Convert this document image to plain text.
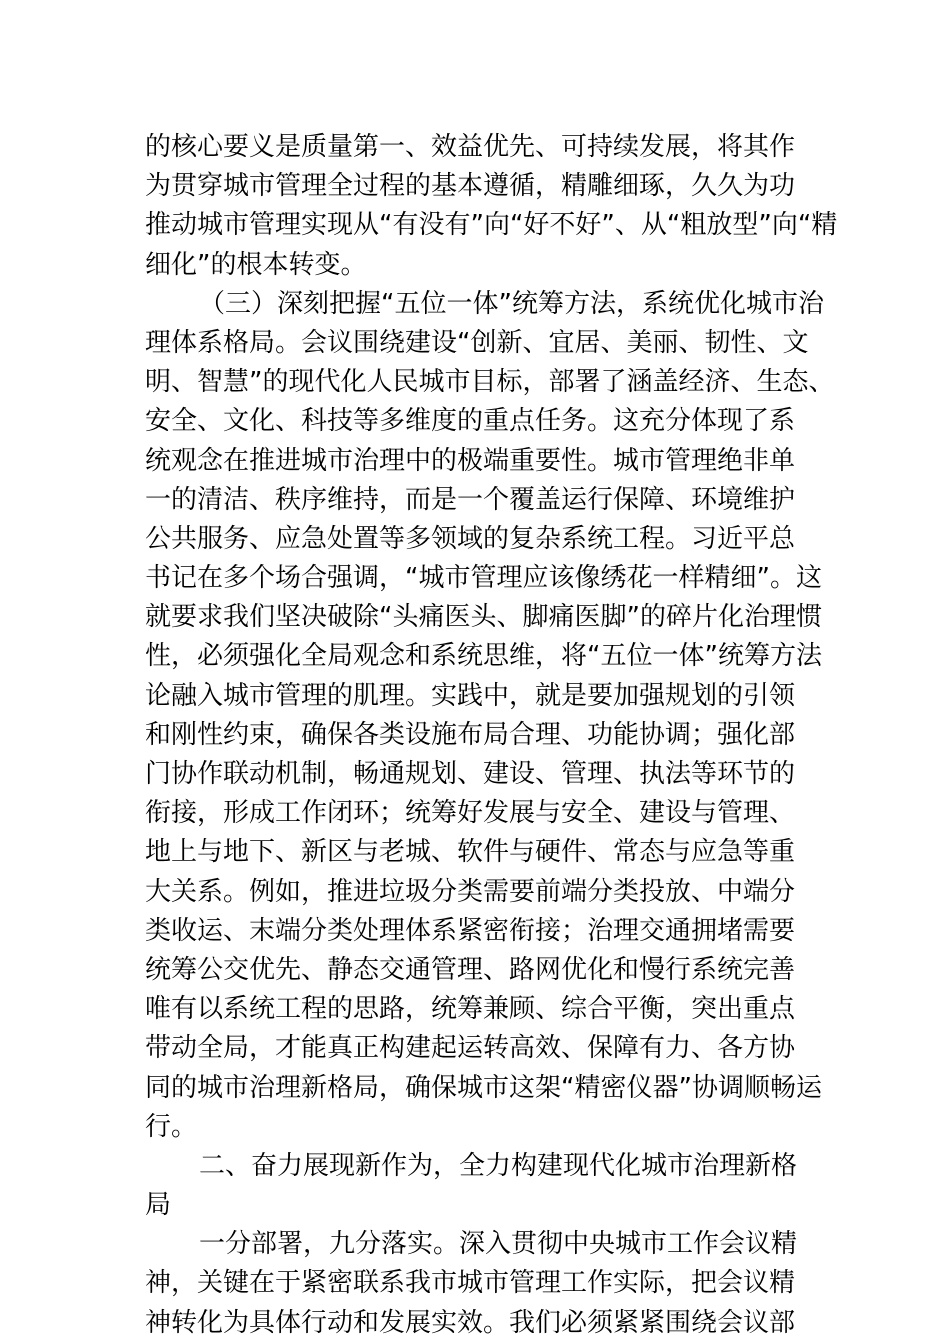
的核心要义是质量第一、效益优先、可持续发展，将其作
为贯穿城市管理全过程的基本遵循，精雕细琢，久久为功
推动城市管理实现从“有没有”向“好不好”、从“粗放型”向“精
细化”的根本转变。
（三）深刻把握“五位一体”统筹方法，系统优化城市治
理体系格局。会议围绕建设“创新、宜居、美丽、韧性、文
明、智慧”的现代化人民城市目标，部署了涵盖经济、生态、
安全、文化、科技等多维度的重点任务。这充分体现了系
统观念在推进城市治理中的极端重要性。城市管理绝非单
一的清洁、秩序维持，而是一个覆盖运行保障、环境维护
公共服务、应急处置等多领域的复杂系统工程。习近平总
书记在多个场合强调，“城市管理应该像绣花一样精细”。这
就要求我们坚决破除“头痛医头、脚痛医脚”的碎片化治理惯
性，必须强化全局观念和系统思维，将“五位一体”统筹方法
论融入城市管理的肌理。实践中，就是要加强规划的引领
和刚性约束，确保各类设施布局合理、功能协调；强化部
门协作联动机制，畅通规划、建设、管理、执法等环节的
衔接，形成工作闭环；统筹好发展与安全、建设与管理、
地上与地下、新区与老城、软件与硬件、常态与应急等重
大关系。例如，推进垃圾分类需要前端分类投放、中端分
类收运、末端分类处理体系紧密衔接；治理交通拥堵需要
统筹公交优先、静态交通管理、路网优化和慢行系统完善
唯有以系统工程的思路，统筹兼顾、综合平衡，突出重点
带动全局，才能真正构建起运转高效、保障有力、各方协
同的城市治理新格局，确保城市这架“精密仪器”协调顺畅运
行。
二、奋力展现新作为，全力构建现代化城市治理新格
局
一分部署，九分落实。深入贯彻中央城市工作会议精
神，关键在于紧密联系我市城市管理工作实际，把会议精
神转化为具体行动和发展实效。我们必须紧紧围绕会议部
